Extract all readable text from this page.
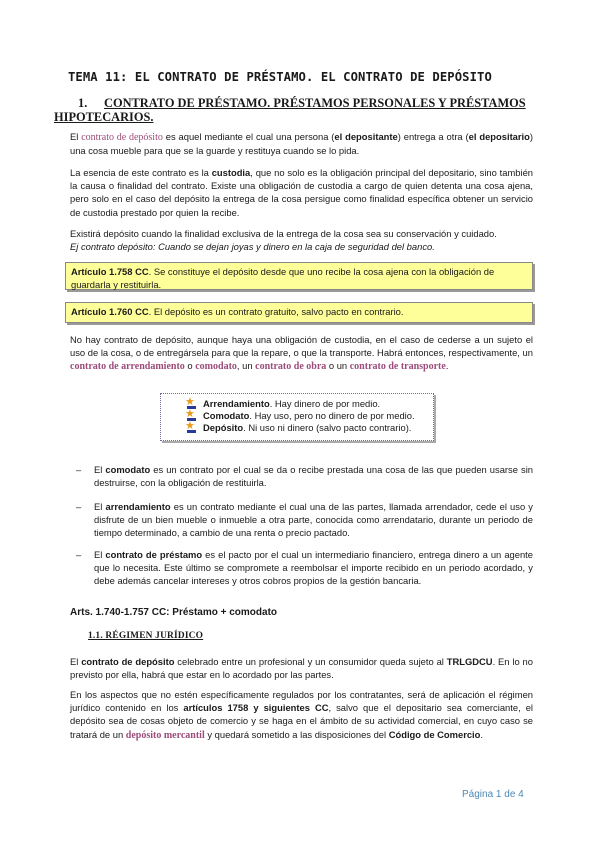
TEMA 11: EL CONTRATO DE PRÉSTAMO. EL CONTRATO DE DEPÓSITO
1.	CONTRATO DE PRÉSTAMO. PRÉSTAMOS PERSONALES Y PRÉSTAMOS
HIPOTECARIOS.

El contrato de depósito es aquel mediante el cual una persona (el depositante) entrega a otra (el depositario) una cosa mueble para que se la guarde y restituya cuando se lo pida.

La esencia de este contrato es la custodia, que no solo es la obligación principal del depositario, sino también la causa o finalidad del contrato. Existe una obligación de custodia a cargo de quien detenta una cosa ajena, pero solo en el caso del depósito la entrega de la cosa persigue como finalidad específica obtener un servicio de custodia prestado por quien la recibe.

Existirá depósito cuando la finalidad exclusiva de la entrega de la cosa sea su conservación y cuidado.
Ej contrato depósito: Cuando se dejan joyas y dinero en la caja de seguridad del banco.

Artículo 1.758 CC. Se constituye el depósito desde que uno recibe la cosa ajena con la obligación de guardarla y restituirla.
Artículo 1.760 CC. El depósito es un contrato gratuito, salvo pacto en contrario.

No hay contrato de depósito, aunque haya una obligación de custodia, en el caso de cederse a un sujeto el uso de la cosa, o de entregársela para que la repare, o que la transporte. Habrá entonces, respectivamente, un contrato de arrendamiento o comodato, un contrato de obra o un contrato de transporte.

★
Arrendamiento . Hay dinero de por medio.
★
Comodato . Hay uso, pero no dinero de por medio.
★
Depósito . Ni uso ni dinero (salvo pacto contrario).
– El comodato es un contrato por el cual se da o recibe prestada una cosa de las que pueden usarse sin destruirse, con la obligación de restituirla.

– El arrendamiento es un contrato mediante el cual una de las partes, llamada arrendador, cede el uso y disfrute de un bien mueble o inmueble a otra parte, conocida como arrendatario, durante un periodo de tiempo determinado, a cambio de una renta o precio pactado.

– El contrato de préstamo es el pacto por el cual un intermediario financiero, entrega dinero a un agente que lo necesita. Este último se compromete a reembolsar el importe recibido en un periodo acordado, y debe además cancelar intereses y otros cobros propios de la gestión bancaria.

Arts. 1.740-1.757 CC: Préstamo + comodato
1.1. RÉGIMEN JURÍDICO

El contrato de depósito celebrado entre un profesional y un consumidor queda sujeto al TRLGDCU. En lo no previsto por ella, habrá que estar en lo acordado por las partes.

En los aspectos que no estén específicamente regulados por los contratantes, será de aplicación el régimen jurídico contenido en los artículos 1758 y siguientes CC, salvo que el depositario sea comerciante, el depósito sea de cosas objeto de comercio y se haga en el ámbito de su actividad comercial, en cuyo caso se tratará de un depósito mercantil y quedará sometido a las disposiciones del Código de Comercio.

Página 1 de 4
